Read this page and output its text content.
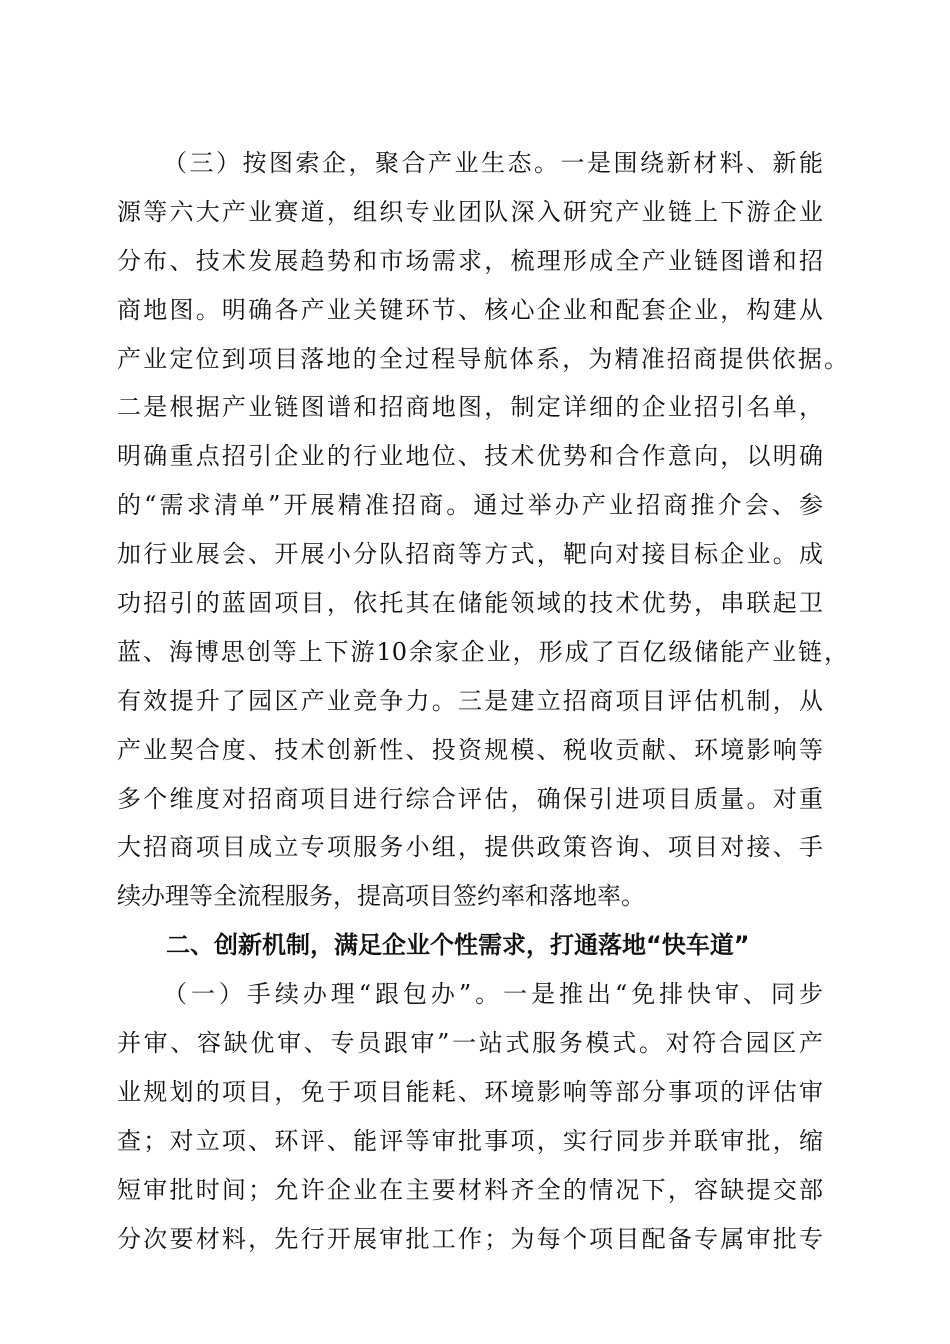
（三）按图索企，聚合产业生态。一是围绕新材料、新能
源等六大产业赛道，组织专业团队深入研究产业链上下游企业
分布、技术发展趋势和市场需求，梳理形成全产业链图谱和招
商地图。明确各产业关键环节、核心企业和配套企业，构建从
产业定位到项目落地的全过程导航体系，为精准招商提供依据。
二是根据产业链图谱和招商地图，制定详细的企业招引名单，
明确重点招引企业的行业地位、技术优势和合作意向，以明确
的“需求清单”开展精准招商。通过举办产业招商推介会、参
加行业展会、开展小分队招商等方式，靶向对接目标企业。成
功招引的蓝固项目，依托其在储能领域的技术优势，串联起卫
蓝、海博思创等上下游10余家企业，形成了百亿级储能产业链，
有效提升了园区产业竞争力。三是建立招商项目评估机制，从
产业契合度、技术创新性、投资规模、税收贡献、环境影响等
多个维度对招商项目进行综合评估，确保引进项目质量。对重
大招商项目成立专项服务小组，提供政策咨询、项目对接、手
续办理等全流程服务，提高项目签约率和落地率。
二、创新机制，满足企业个性需求，打通落地“快车道”
（一）手续办理“跟包办”。一是推出“免排快审、同步
并审、容缺优审、专员跟审”一站式服务模式。对符合园区产
业规划的项目，免于项目能耗、环境影响等部分事项的评估审
查；对立项、环评、能评等审批事项，实行同步并联审批，缩
短审批时间；允许企业在主要材料齐全的情况下，容缺提交部
分次要材料，先行开展审批工作；为每个项目配备专属审批专
